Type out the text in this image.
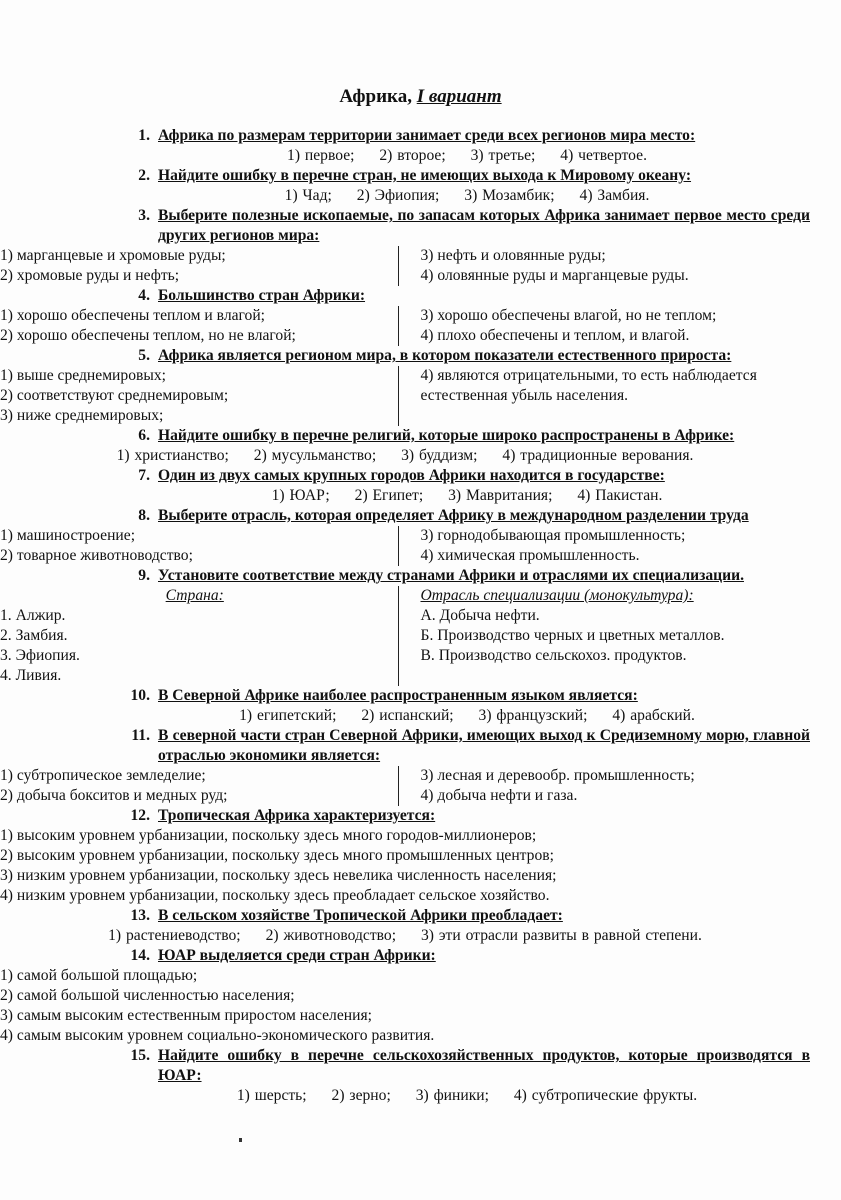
Африка, I вариант
1. Африка по размерам территории занимает среди всех регионов мира место:
1) первое; 2) второе; 3) третье; 4) четвертое.
2. Найдите ошибку в перечне стран, не имеющих выхода к Мировому океану:
1) Чад; 2) Эфиопия; 3) Мозамбик; 4) Замбия.
3. Выберите полезные ископаемые, по запасам которых Африка занимает первое место среди других регионов мира:
1) марганцевые и хромовые руды;
2) хромовые руды и нефть;
3) нефть и оловянные руды;
4) оловянные руды и марганцевые руды.
4. Большинство стран Африки:
1) хорошо обеспечены теплом и влагой;
2) хорошо обеспечены теплом, но не влагой;
3) хорошо обеспечены влагой, но не теплом;
4) плохо обеспечены и теплом, и влагой.
5. Африка является регионом мира, в котором показатели естественного прироста:
1) выше среднемировых;
2) соответствуют среднемировым;
3) ниже среднемировых;
4) являются отрицательными, то есть наблюдается естественная убыль населения.
6. Найдите ошибку в перечне религий, которые широко распространены в Африке:
1) христианство; 2) мусульманство; 3) буддизм; 4) традиционные верования.
7. Один из двух самых крупных городов Африки находится в государстве:
1) ЮАР; 2) Египет; 3) Мавритания; 4) Пакистан.
8. Выберите отрасль, которая определяет Африку в международном разделении труда
1) машиностроение;
2) товарное животноводство;
3) горнодобывающая промышленность;
4) химическая промышленность.
9. Установите соответствие между странами Африки и отраслями их специализации.
Страна:
1. Алжир.
2. Замбия.
3. Эфиопия.
4. Ливия.
Отрасль специализации (монокультура):
А. Добыча нефти.
Б. Производство черных и цветных металлов.
В. Производство сельскохоз. продуктов.
10. В Северной Африке наиболее распространенным языком является:
1) египетский; 2) испанский; 3) французский; 4) арабский.
11. В северной части стран Северной Африки, имеющих выход к Средиземному морю, главной отраслью экономики является:
1) субтропическое земледелие;
2) добыча бокситов и медных руд;
3) лесная и деревообр. промышленность;
4) добыча нефти и газа.
12. Тропическая Африка характеризуется:
1) высоким уровнем урбанизации, поскольку здесь много городов-миллионеров;
2) высоким уровнем урбанизации, поскольку здесь много промышленных центров;
3) низким уровнем урбанизации, поскольку здесь невелика численность населения;
4) низким уровнем урбанизации, поскольку здесь преобладает сельское хозяйство.
13. В сельском хозяйстве Тропической Африки преобладает:
1) растениеводство; 2) животноводство; 3) эти отрасли развиты в равной степени.
14. ЮАР выделяется среди стран Африки:
1) самой большой площадью;
2) самой большой численностью населения;
3) самым высоким естественным приростом населения;
4) самым высоким уровнем социально-экономического развития.
15. Найдите ошибку в перечне сельскохозяйственных продуктов, которые производятся в ЮАР:
1) шерсть; 2) зерно; 3) финики; 4) субтропические фрукты.
